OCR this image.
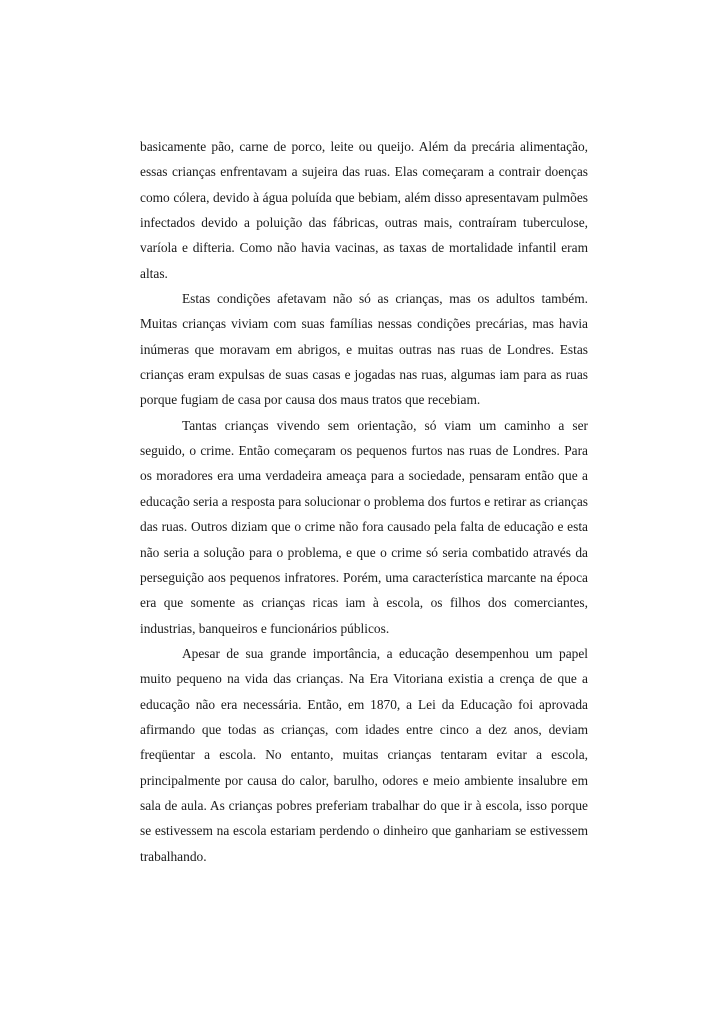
basicamente pão, carne de porco, leite ou queijo. Além da precária alimentação, essas crianças enfrentavam a sujeira das ruas. Elas começaram a contrair doenças como cólera, devido à água poluída que bebiam, além disso apresentavam pulmões infectados devido a poluição das fábricas, outras mais, contraíram tuberculose, varíola e difteria. Como não havia vacinas, as taxas de mortalidade infantil eram altas.

Estas condições afetavam não só as crianças, mas os adultos também. Muitas crianças viviam com suas famílias nessas condições precárias, mas havia inúmeras que moravam em abrigos, e muitas outras nas ruas de Londres. Estas crianças eram expulsas de suas casas e jogadas nas ruas, algumas iam para as ruas porque fugiam de casa por causa dos maus tratos que recebiam.

Tantas crianças vivendo sem orientação, só viam um caminho a ser seguido, o crime. Então começaram os pequenos furtos nas ruas de Londres. Para os moradores era uma verdadeira ameaça para a sociedade, pensaram então que a educação seria a resposta para solucionar o problema dos furtos e retirar as crianças das ruas. Outros diziam que o crime não fora causado pela falta de educação e esta não seria a solução para o problema, e que o crime só seria combatido através da perseguição aos pequenos infratores. Porém, uma característica marcante na época era que somente as crianças ricas iam à escola, os filhos dos comerciantes, industrias, banqueiros e funcionários públicos.

Apesar de sua grande importância, a educação desempenhou um papel muito pequeno na vida das crianças. Na Era Vitoriana existia a crença de que a educação não era necessária. Então, em 1870, a Lei da Educação foi aprovada afirmando que todas as crianças, com idades entre cinco a dez anos, deviam freqüentar a escola. No entanto, muitas crianças tentaram evitar a escola, principalmente por causa do calor, barulho, odores e meio ambiente insalubre em sala de aula. As crianças pobres preferiam trabalhar do que ir à escola, isso porque se estivessem na escola estariam perdendo o dinheiro que ganhariam se estivessem trabalhando.
